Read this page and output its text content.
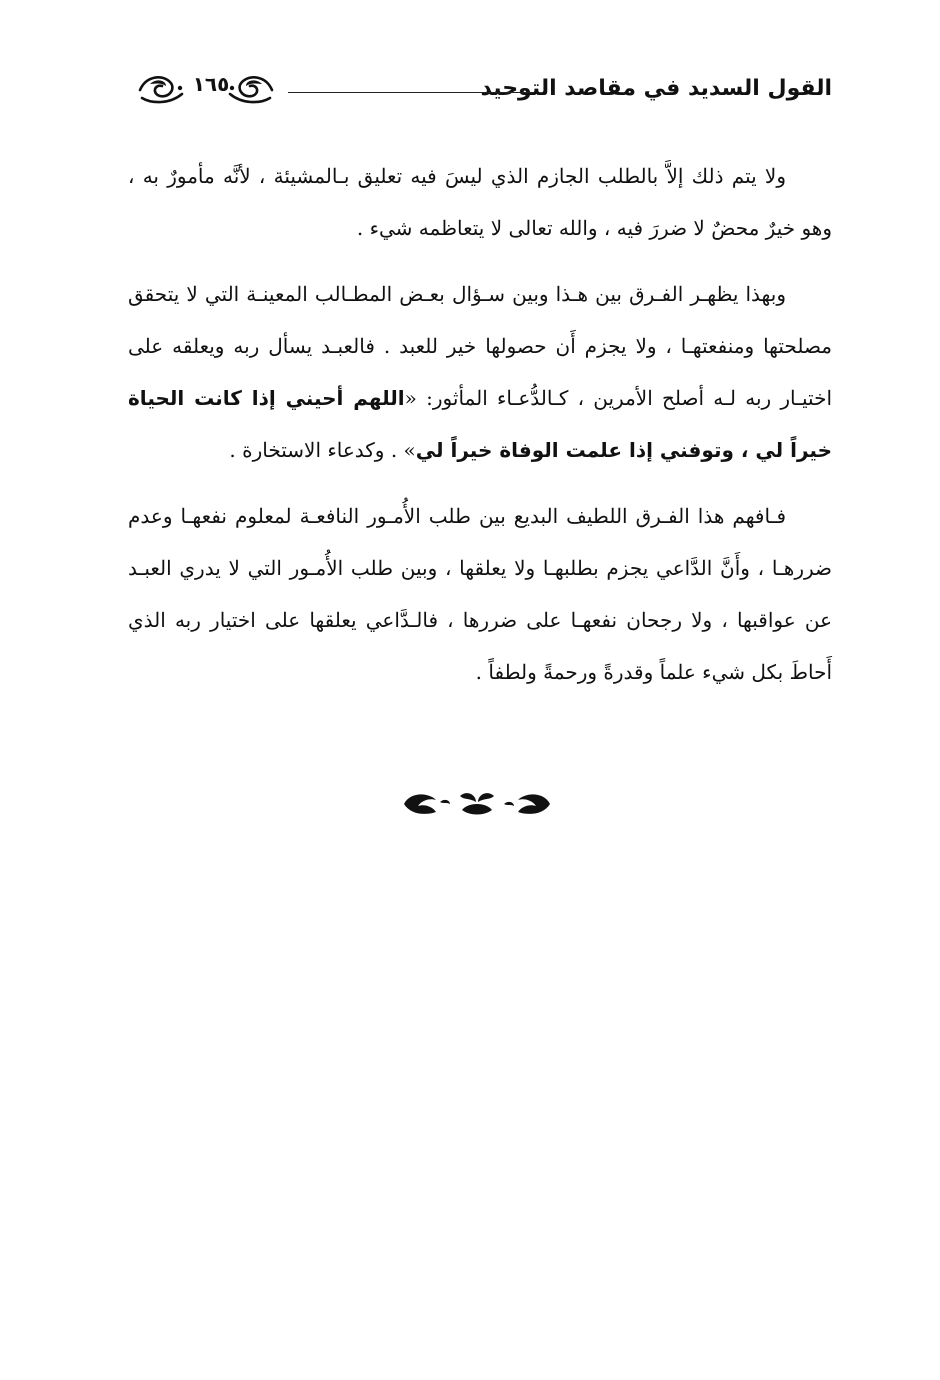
القول السديد في مقاصد التوحيد
١٦٥

ولا يتم ذلك إلاَّ بالطلب الجازم الذي ليسَ فيه تعليق بـالمشيئة ، لأنَّه مأمورٌ به ، وهو خيرٌ محضٌ لا ضررَ فيه ، والله تعالى لا يتعاظمه شيء .

وبهذا يظهـر الفـرق بين هـذا وبين سـؤال بعـض المطـالب المعينـة التي لا يتحقق مصلحتها ومنفعتهـا ، ولا يجزم أَن حصولها خير للعبد . فالعبـد يسأل ربه ويعلقه على اختيـار ربه لـه أصلح الأمرين ، كـالدُّعـاء المأثور: «اللهم أحيني إذا كانت الحياة خيراً لي ، وتوفني إذا علمت الوفاة خيراً لي» . وكدعاء الاستخارة .

فـافهم هذا الفـرق اللطيف البديع بين طلب الأُمـور النافعـة لمعلوم نفعهـا وعدم ضررهـا ، وأَنَّ الدَّاعي يجزم بطلبهـا ولا يعلقها ، وبين طلب الأُمـور التي لا يدري العبـد عن عواقبها ، ولا رجحان نفعهـا على ضررها ، فالـدَّاعي يعلقها على اختيار ربه الذي أَحاطَ بكل شيء علماً وقدرةً ورحمةً ولطفاً .
